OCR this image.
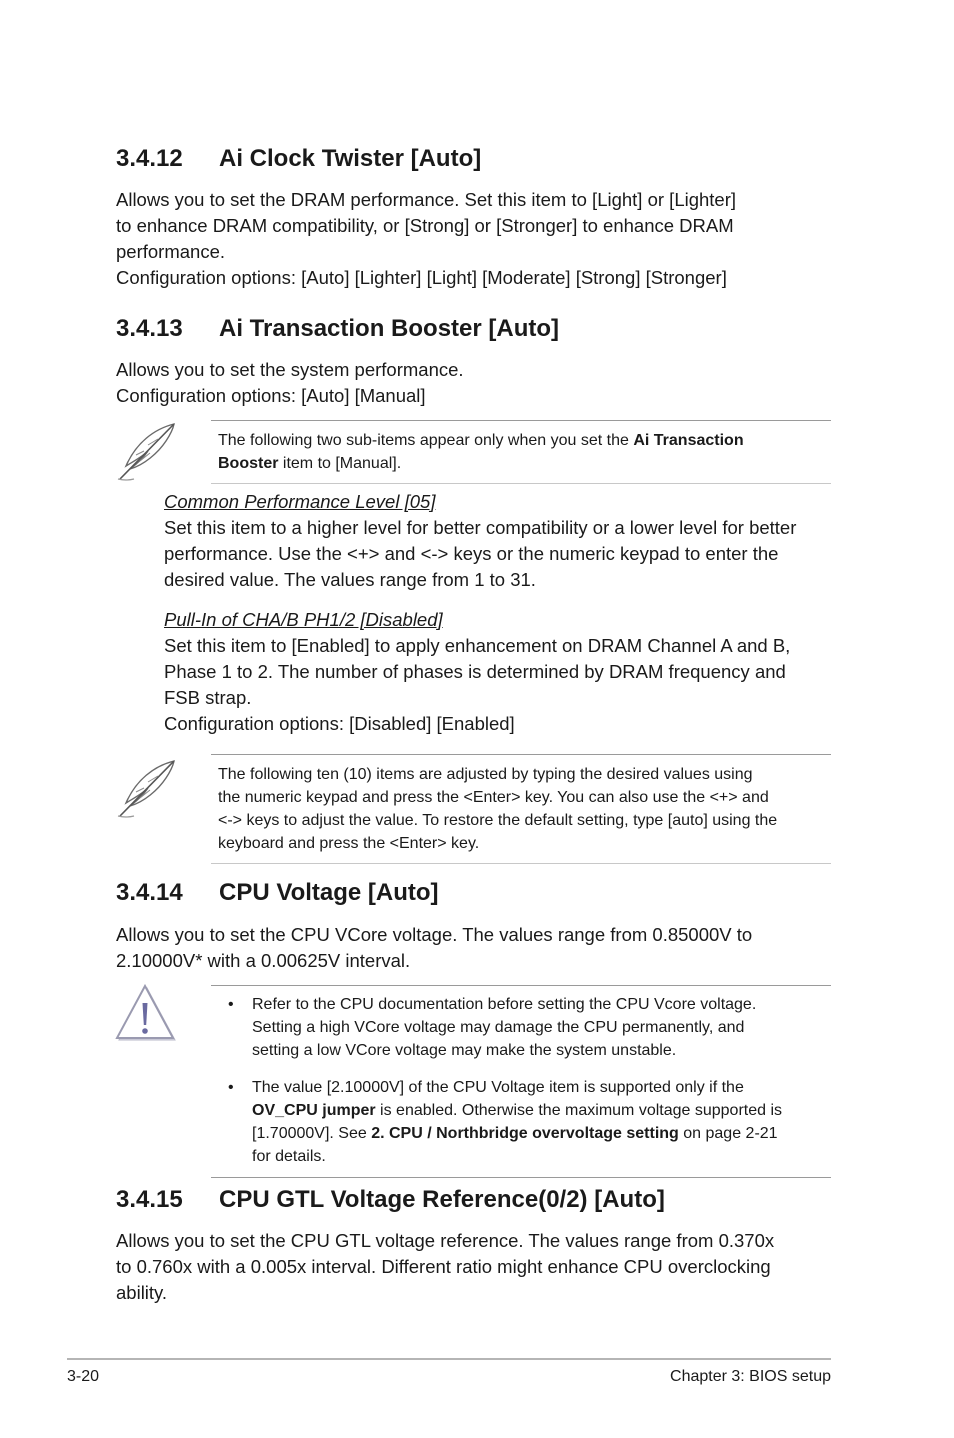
3.4.12 Ai Clock Twister [Auto]
Allows you to set the DRAM performance. Set this item to [Light] or [Lighter]
to enhance DRAM compatibility, or [Strong] or [Stronger] to enhance DRAM
performance.
Configuration options: [Auto] [Lighter] [Light] [Moderate] [Strong] [Stronger]
3.4.13 Ai Transaction Booster [Auto]
Allows you to set the system performance.
Configuration options: [Auto] [Manual]
The following two sub-items appear only when you set the Ai Transaction
Booster item to [Manual].
Common Performance Level [05]
Set this item to a higher level for better compatibility or a lower level for better
performance. Use the <+> and <-> keys or the numeric keypad to enter the
desired value. The values range from 1 to 31.
Pull-In of CHA/B PH1/2 [Disabled]
Set this item to [Enabled] to apply enhancement on DRAM Channel A and B,
Phase 1 to 2. The number of phases is determined by DRAM frequency and
FSB strap.
Configuration options: [Disabled] [Enabled]
The following ten (10) items are adjusted by typing the desired values using
the numeric keypad and press the <Enter> key. You can also use the <+> and
<-> keys to adjust the value. To restore the default setting, type [auto] using the
keyboard and press the <Enter> key.
3.4.14 CPU Voltage [Auto]
Allows you to set the CPU VCore voltage. The values range from 0.85000V to
2.10000V* with a 0.00625V interval.
• Refer to the CPU documentation before setting the CPU Vcore voltage.
Setting a high VCore voltage may damage the CPU permanently, and
setting a low VCore voltage may make the system unstable.
• The value [2.10000V] of the CPU Voltage item is supported only if the
OV_CPU jumper is enabled. Otherwise the maximum voltage supported is
[1.70000V]. See 2. CPU / Northbridge overvoltage setting on page 2-21
for details.
3.4.15 CPU GTL Voltage Reference(0/2) [Auto]
Allows you to set the CPU GTL voltage reference. The values range from 0.370x
to 0.760x with a 0.005x interval. Different ratio might enhance CPU overclocking
ability.
3-20	Chapter 3: BIOS setup
